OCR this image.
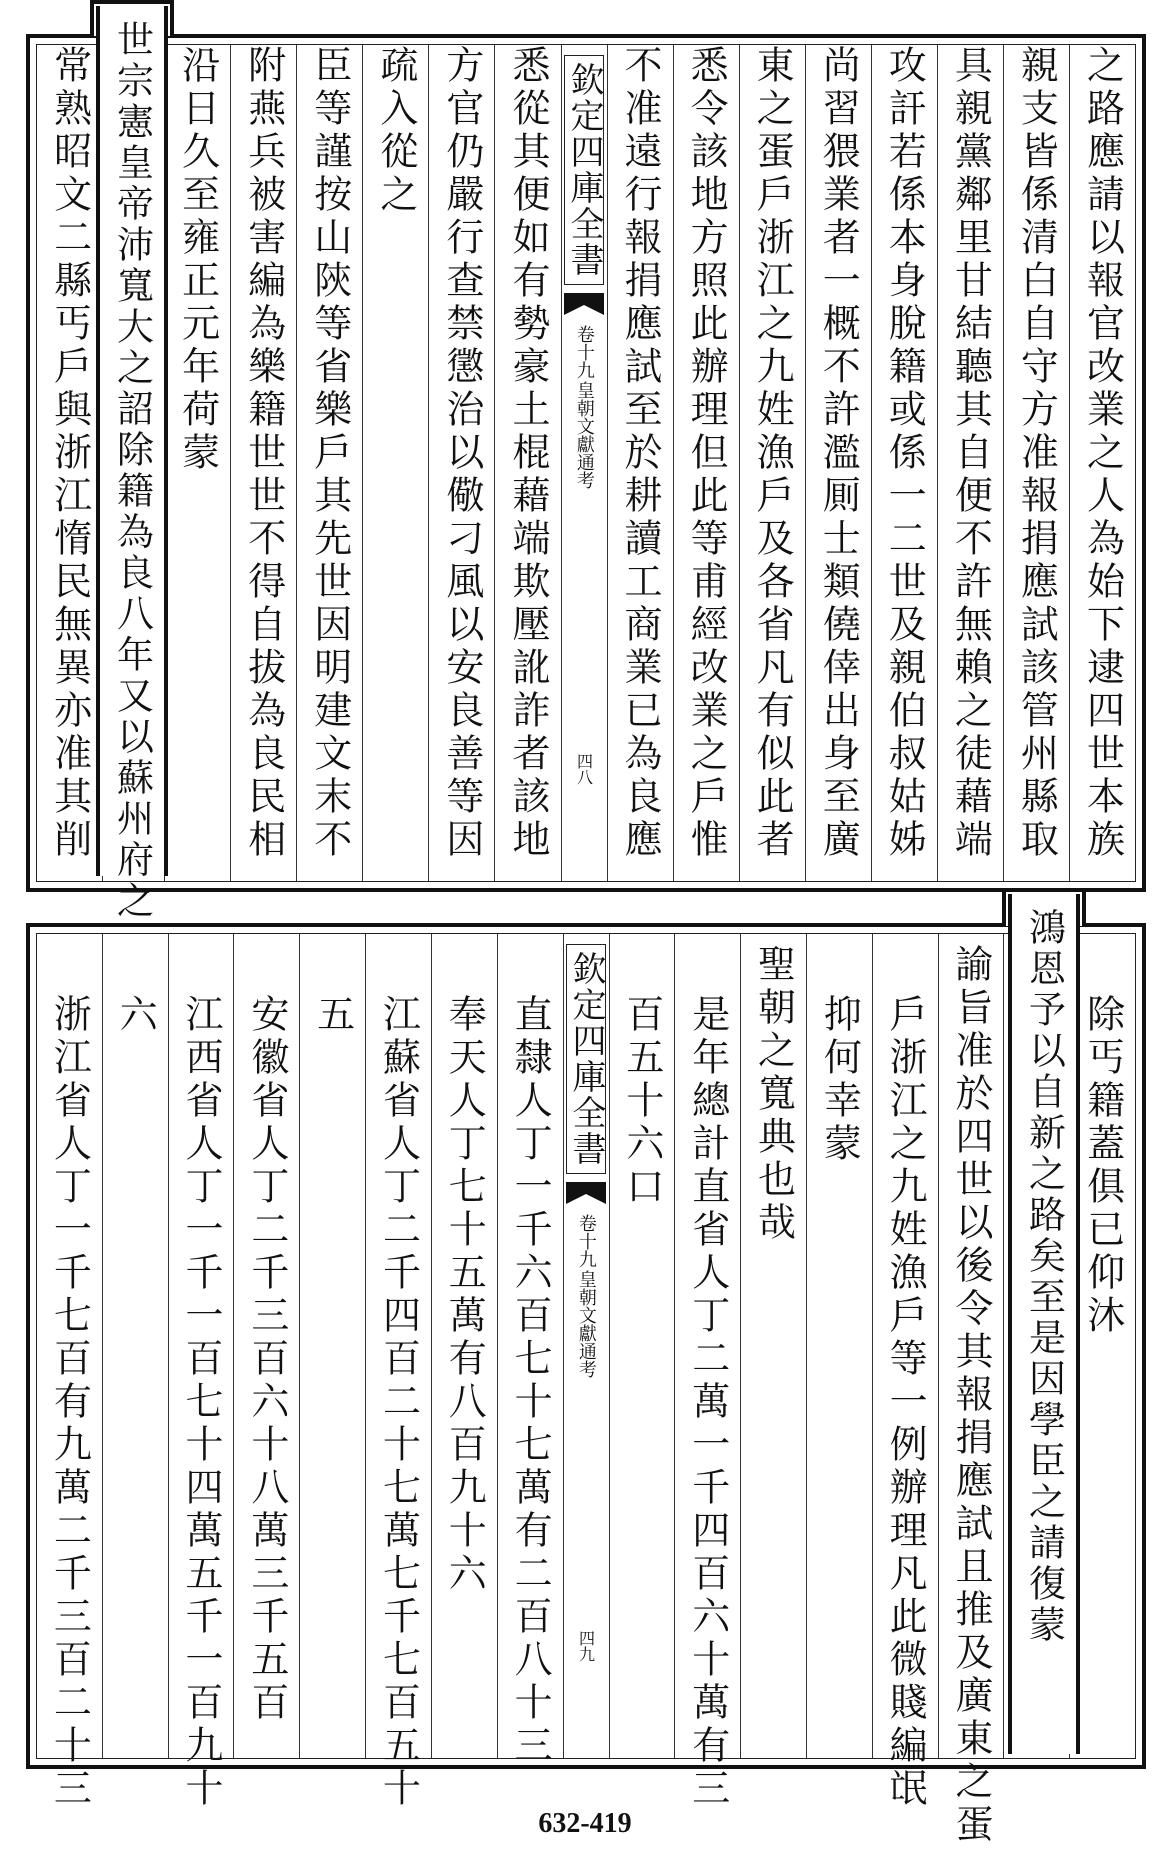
之路應請以報官改業之人為始下逮四世本族
親支皆係清白自守方准報捐應試該管州縣取
具親黨鄰里甘結聽其自便不許無賴之徒藉端
攻訐若係本身脫籍或係一二世及親伯叔姑姊
尚習猥業者一概不許濫厠士類僥倖出身至廣
東之蛋戶浙江之九姓漁戶及各省凡有似此者
悉令該地方照此辦理但此等甫經改業之戶惟
不准遠行報捐應試至於耕讀工商業已為良應
欽定四庫全書
皇朝文獻通考
卷十九
四八
悉從其便如有勢豪土棍藉端欺壓訛詐者該地
方官仍嚴行查禁懲治以儆刁風以安良善等因
疏入從之
臣等謹按山陝等省樂戶其先世因明建文末不
附燕兵被害編為樂籍世世不得自拔為良民相
沿日久至雍正元年荷蒙
常熟昭文二縣丐戶與浙江惰民無異亦准其削 世宗憲皇帝沛寬大之詔除籍為良八年又以蘇州府之
除丐籍蓋俱已仰沐
諭旨准於四世以後令其報捐應試且推及廣東之蛋
戶浙江之九姓漁戶等一例辦理凡此微賤編氓
抑何幸蒙
聖朝之寬典也哉
是年總計直省人丁二萬一千四百六十萬有三
百五十六口
欽定四庫全書
皇朝文獻通考
卷十九
四九
直隸人丁一千六百七十七萬有二百八十三
奉天人丁七十五萬有八百九十六
江蘇省人丁二千四百二十七萬七千七百五十
五
安徽省人丁二千三百六十八萬三千五百
江西省人丁一千一百七十四萬五千一百九十
六
浙江省人丁一千七百有九萬二千三百二十三	鴻恩予以自新之路矣至是因學臣之請復蒙
632-419
